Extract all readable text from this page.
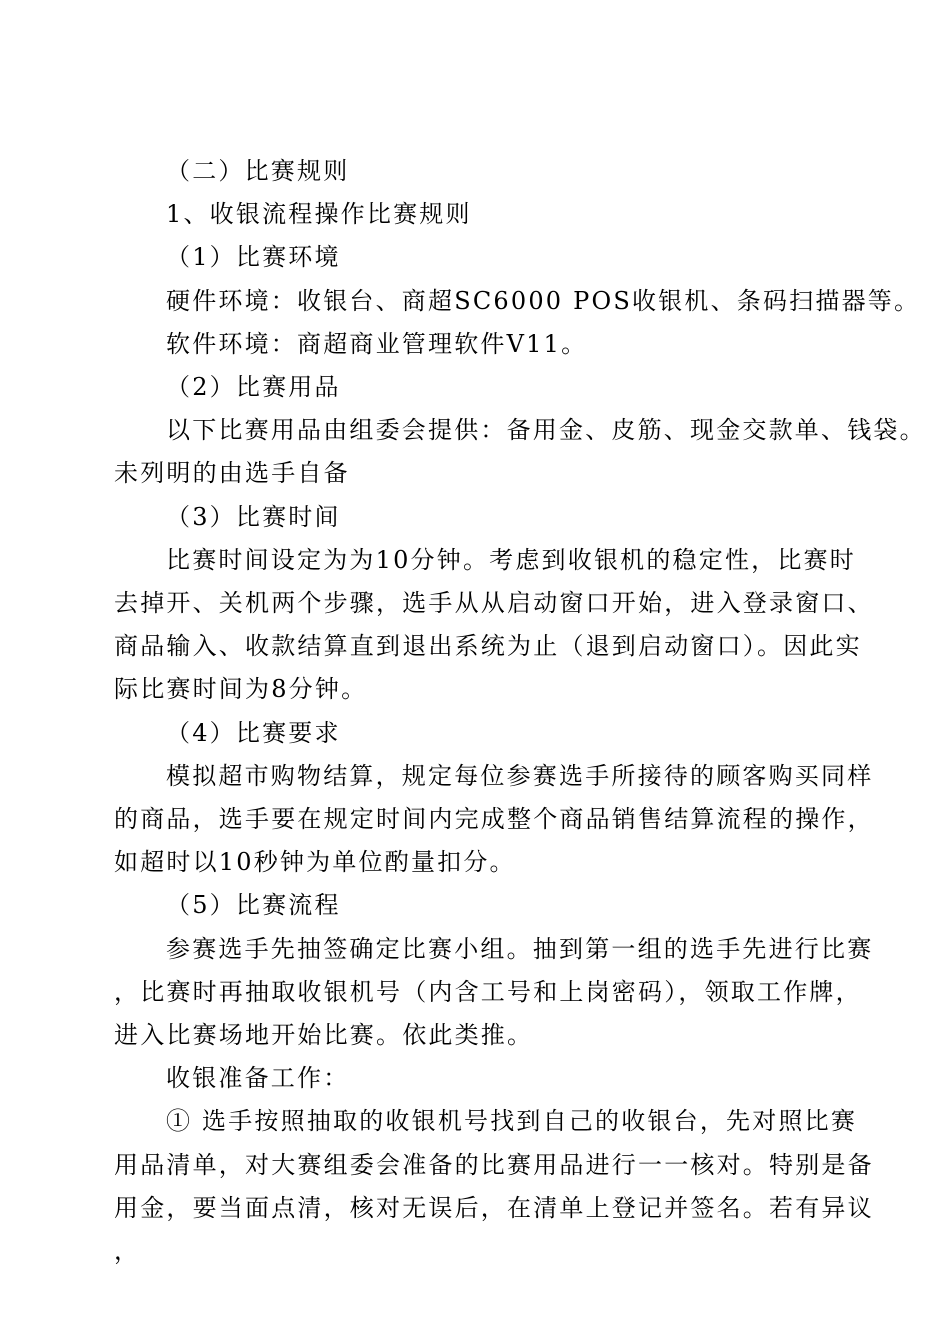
（二）比赛规则

1、收银流程操作比赛规则

（1）比赛环境

硬件环境：收银台、商超SC6000 POS收银机、条码扫描器等。

软件环境：商超商业管理软件V11。

（2）比赛用品

以下比赛用品由组委会提供：备用金、皮筋、现金交款单、钱袋。

未列明的由选手自备

（3）比赛时间

比赛时间设定为为10分钟。考虑到收银机的稳定性，比赛时去掉开、关机两个步骤，选手从从启动窗口开始，进入登录窗口、商品输入、收款结算直到退出系统为止（退到启动窗口）。因此实际比赛时间为8分钟。

（4）比赛要求

模拟超市购物结算，规定每位参赛选手所接待的顾客购买同样的商品，选手要在规定时间内完成整个商品销售结算流程的操作，如超时以10秒钟为单位酌量扣分。

（5）比赛流程

参赛选手先抽签确定比赛小组。抽到第一组的选手先进行比赛，比赛时再抽取收银机号（内含工号和上岗密码），领取工作牌，进入比赛场地开始比赛。依此类推。

收银准备工作：

① 选手按照抽取的收银机号找到自己的收银台，先对照比赛用品清单，对大赛组委会准备的比赛用品进行一一核对。特别是备用金，要当面点清，核对无误后，在清单上登记并签名。若有异议，
